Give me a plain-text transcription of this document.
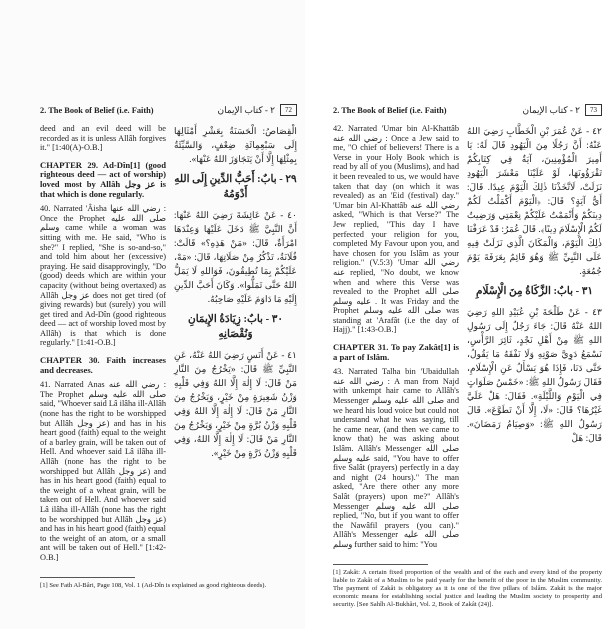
2. The Book of Belief (i.e. Faith)	72
٢ - كتاب الإيمان

deed and an evil deed will be recorded as it is unless Allâh forgives it." [1:40(A)-O.B.]

CHAPTER 29. Ad-Dîn[1] (good righteous deed — act of worship) loved most by Allâh عز وجل is that which is done regularly.

40. Narrated 'Âisha رضي الله عنها : Once the Prophet صلى الله عليه وسلم came while a woman was sitting with me. He said, "Who is she?" I replied, "She is so-and-so," and told him about her (excessive) praying. He said disapprovingly, "Do (good) deeds which are within your capacity (without being overtaxed) as Allâh عز وجل does not get tired (of giving rewards) but (surely) you will get tired and Ad-Dîn (good righteous deed — act of worship loved most by Allâh) is that which is done regularly." [1:41-O.B.]

CHAPTER 30. Faith increases and decreases.

41. Narrated Anas رضي الله عنه : The Prophet صلى الله عليه وسلم said, "Whoever said Lâ ilâha ill-Allâh (none has the right to be worshipped but Allâh عز وجل) and has in his heart good (faith) equal to the weight of a barley grain, will be taken out of Hell. And whoever said Lâ ilâha ill-Allâh (none has the right to be worshipped but Allâh عز وجل) and has in his heart good (faith) equal to the weight of a wheat grain, will be taken out of Hell. And whoever said Lâ ilâha ill-Allâh (none has the right to be worshipped but Allâh عز وجل) and has in his heart good (faith) equal to the weight of an atom, or a small ant will be taken out of Hell." [1:42-O.B.]

الْقِصَاصُ: الْحَسَنَةُ بِعَشْرِ أَمْثَالِهَا إِلَى سَبْعِمِائَةِ ضِعْفٍ، وَالسَّيِّئَةُ بِمِثْلِهَا إِلَّا أَنْ يَتَجَاوَزَ اللهُ عَنْهَا».

٢٩ - بابٌ: أَحَبُّ الدِّينِ إِلَى اللهِ أَدْوَمُهُ

٤٠ - عَنْ عَائِشَةَ رَضِيَ اللهُ عَنْهَا: أَنَّ النَّبِيَّ ﷺ دَخَلَ عَلَيْهَا وَعِنْدَهَا امْرَأَةٌ، قَالَ: «مَنْ هَذِهِ؟» قَالَتْ: فُلَانَةُ، تَذْكُرُ مِنْ صَلَاتِهَا، قَالَ: «مَهْ، عَلَيْكُمْ بِمَا تُطِيقُونَ، فَوَاللهِ لَا يَمَلُّ اللهُ حَتَّى تَمَلُّوا». وَكَانَ أَحَبَّ الدِّينِ إِلَيْهِ مَا دَاوَمَ عَلَيْهِ صَاحِبُهُ.

٣٠ - بابٌ: زِيَادَةُ الإِيمَانِ وَنُقْصَانِهِ

٤١ - عَنْ أَنَسٍ رَضِيَ اللهُ عَنْهُ، عَنِ النَّبِيِّ ﷺ قَالَ: «يَخْرُجُ مِنَ النَّارِ مَنْ قَالَ: لَا إِلٰهَ إِلَّا اللهُ وَفِي قَلْبِهِ وَزْنُ شَعِيرَةٍ مِنْ خَيْرٍ، وَيَخْرُجُ مِنَ النَّارِ مَنْ قَالَ: لَا إِلٰهَ إِلَّا اللهُ وَفِي قَلْبِهِ وَزْنُ بُرَّةٍ مِنْ خَيْرٍ، وَيَخْرُجُ مِنَ النَّارِ مَنْ قَالَ: لَا إِلٰهَ إِلَّا اللهُ، وَفِي قَلْبِهِ وَزْنُ ذَرَّةٍ مِنْ خَيْرٍ».

[1] See Fath Al-Bâri, Page 108, Vol. 1 (Ad-Dîn is explained as good righteous deeds).
2. The Book of Belief (i.e. Faith)	73
٢ - كتاب الإيمان

42. Narrated 'Umar bin Al-Khattâb رضي الله عنه : Once a Jew said to me, "O chief of believers! There is a Verse in your Holy Book which is read by all of you (Muslims), and had it been revealed to us, we would have taken that day (on which it was revealed) as an 'Eid (festival) day." 'Umar bin Al-Khattâb رضي الله عنه asked, "Which is that Verse?" The Jew replied, "This day I have perfected your religion for you, completed My Favour upon you, and have chosen for you Islâm as your religion." (V.5:3) 'Umar رضي الله عنه replied, "No doubt, we know when and where this Verse was revealed to the Prophet صلى الله عليه وسلم . It was Friday and the Prophet صلى الله عليه وسلم was standing at 'Arafât (i.e the day of Hajj)." [1:43-O.B.]

CHAPTER 31. To pay Zakât[1] is a part of Islâm.

43. Narrated Talha bin 'Ubaidullah رضي الله عنه : A man from Najd with unkempt hair came to Allâh's Messenger صلى الله عليه وسلم and we heard his loud voice but could not understand what he was saying, till he came near, (and then we came to know that) he was asking about Islâm. Allâh's Messenger صلى الله عليه وسلم said, "You have to offer five Salât (prayers) perfectly in a day and night (24 hours)." The man asked, "Are there other any more Salât (prayers) upon me?" Allâh's Messenger صلى الله عليه وسلم replied, "No, but if you want to offer the Nawâfil prayers (you can)." Allâh's Messenger صلى الله عليه وسلم further said to him: "You

٤٢ - عَنْ عُمَرَ بْنِ الْخَطَّابِ رَضِيَ اللهُ عَنْهُ: أَنَّ رَجُلًا مِنَ الْيَهُودِ قَالَ لَهُ: يَا أَمِيرَ الْمُؤْمِنِينَ، آيَةٌ فِي كِتَابِكُمْ تَقْرَؤُونَهَا، لَوْ عَلَيْنَا مَعْشَرَ الْيَهُودِ نَزَلَتْ، لَاتَّخَذْنَا ذٰلِكَ الْيَوْمَ عِيدًا. قَالَ: أَيُّ آيَةٍ؟ قَالَ: ﴿الْيَوْمَ أَكْمَلْتُ لَكُمْ دِينَكُمْ وَأَتْمَمْتُ عَلَيْكُمْ نِعْمَتِي وَرَضِيتُ لَكُمُ الْإِسْلَامَ دِينًا﴾. قَالَ عُمَرُ: قَدْ عَرَفْنَا ذٰلِكَ الْيَوْمَ، وَالْمَكَانَ الَّذِي نَزَلَتْ فِيهِ عَلَى النَّبِيِّ ﷺ وَهُوَ قَائِمٌ بِعَرَفَةَ يَوْمَ جُمُعَةٍ.

٣١ - بابٌ: الزَّكَاةُ مِنَ الْإِسْلَامِ

٤٣ - عَنْ طَلْحَةَ بْنِ عُبَيْدِ اللهِ رَضِيَ اللهُ عَنْهُ قَالَ: جَاءَ رَجُلٌ إِلَى رَسُولِ اللهِ ﷺ مِنْ أَهْلِ نَجْدٍ، ثَائِرَ الرَّأْسِ، نَسْمَعُ دَوِيَّ صَوْتِهِ وَلَا نَفْقَهُ مَا يَقُولُ، حَتَّى دَنَا، فَإِذَا هُوَ يَسْأَلُ عَنِ الْإِسْلَامِ، فَقَالَ رَسُولُ اللهِ ﷺ: «خَمْسُ صَلَوَاتٍ فِي الْيَوْمِ وَاللَّيْلَةِ». فَقَالَ: هَلْ عَلَيَّ غَيْرُهَا؟ قَالَ: «لَا، إِلَّا أَنْ تَطَوَّعَ». قَالَ رَسُولُ اللهِ ﷺ: «وَصِيَامُ رَمَضَانَ». قَالَ: هَلْ

[1] Zakât: A certain fixed proportion of the wealth and of the each and every kind of the property liable to Zakât of a Muslim to be paid yearly for the benefit of the poor in the Muslim community. The payment of Zakât is obligatory as it is one of the five pillars of Islâm. Zakât is the major economic means for establishing social justice and leading the Muslim society to prosperity and security. [See Sahîh Al-Bukhâri, Vol. 2, Book of Zakât (24)].
